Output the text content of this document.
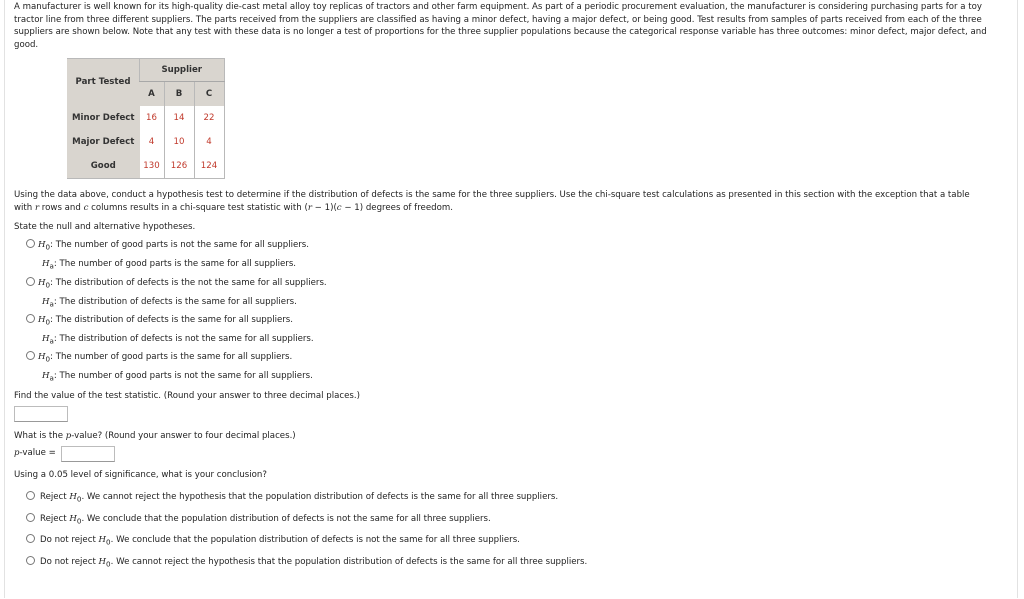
A manufacturer is well known for its high-quality die-cast metal alloy toy replicas of tractors and other farm equipment. As part of a periodic procurement evaluation, the manufacturer is considering purchasing parts for a toy tractor line from three different suppliers. The parts received from the suppliers are classified as having a minor defect, having a major defect, or being good. Test results from samples of parts received from each of the three suppliers are shown below. Note that any test with these data is no longer a test of proportions for the three supplier populations because the categorical response variable has three outcomes: minor defect, major defect, and good.
Part Tested	Supplier		
	A	B	C
Minor Defect	16	14	22
Major Defect	4	10	4
Good	130	126	124
Using the data above, conduct a hypothesis test to determine if the distribution of defects is the same for the three suppliers. Use the chi-square test calculations as presented in this section with the exception that a table
with r rows and c columns results in a chi-square test statistic with (r − 1)(c − 1) degrees of freedom.
State the null and alternative hypotheses.
$H_0$: The number of good parts is not the same for all suppliers.
$H_a$: The number of good parts is the same for all suppliers.
$H_0$: The distribution of defects is the not the same for all suppliers.
$H_a$: The distribution of defects is the same for all suppliers.
$H_0$: The distribution of defects is the same for all suppliers.
$H_a$: The distribution of defects is not the same for all suppliers.
$H_0$: The number of good parts is the same for all suppliers.
$H_a$: The number of good parts is not the same for all suppliers.
Find the value of the test statistic. (Round your answer to three decimal places.)
What is the p-value? (Round your answer to four decimal places.)
p-value =
Using a 0.05 level of significance, what is your conclusion?
Reject $H_0$. We cannot reject the hypothesis that the population distribution of defects is the same for all three suppliers.
Reject $H_0$. We conclude that the population distribution of defects is not the same for all three suppliers.
Do not reject $H_0$. We conclude that the population distribution of defects is not the same for all three suppliers.
Do not reject $H_0$. We cannot reject the hypothesis that the population distribution of defects is the same for all three suppliers.
